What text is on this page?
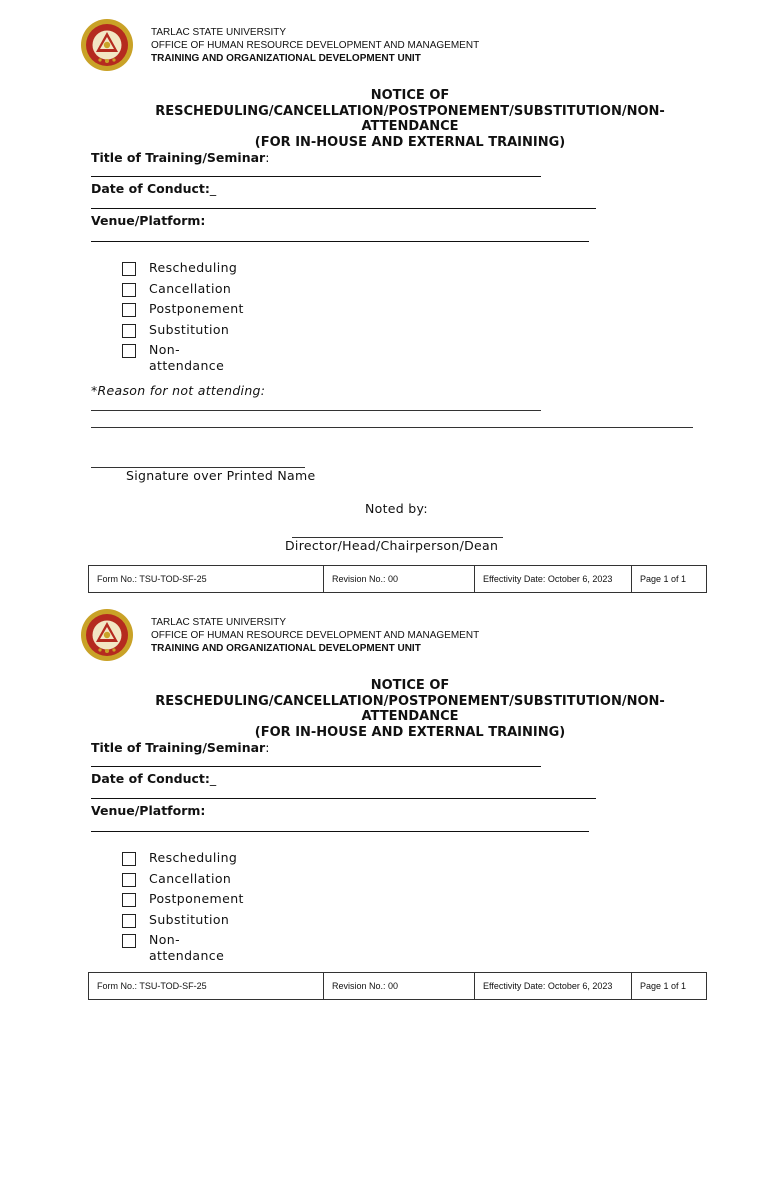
TARLAC STATE UNIVERSITY
OFFICE OF HUMAN RESOURCE DEVELOPMENT AND MANAGEMENT
TRAINING AND ORGANIZATIONAL DEVELOPMENT UNIT
NOTICE OF
RESCHEDULING/CANCELLATION/POSTPONEMENT/SUBSTITUTION/NON-
ATTENDANCE
(FOR IN-HOUSE AND EXTERNAL TRAINING)
Title of Training/Seminar:
Date of Conduct:_
Venue/Platform:
Rescheduling
Cancellation
Postponement
Substitution
Non-attendance
*Reason for not attending:
Signature over Printed Name
Noted by:
Director/Head/Chairperson/Dean
Form No.: TSU-TOD-SF-25	Revision No.: 00	Effectivity Date: October 6, 2023	Page 1 of 1
TARLAC STATE UNIVERSITY
OFFICE OF HUMAN RESOURCE DEVELOPMENT AND MANAGEMENT
TRAINING AND ORGANIZATIONAL DEVELOPMENT UNIT
NOTICE OF
RESCHEDULING/CANCELLATION/POSTPONEMENT/SUBSTITUTION/NON-
ATTENDANCE
(FOR IN-HOUSE AND EXTERNAL TRAINING)
Title of Training/Seminar:
Date of Conduct:_
Venue/Platform:
Rescheduling
Cancellation
Postponement
Substitution
Non-attendance
Form No.: TSU-TOD-SF-25	Revision No.: 00	Effectivity Date: October 6, 2023	Page 1 of 1
